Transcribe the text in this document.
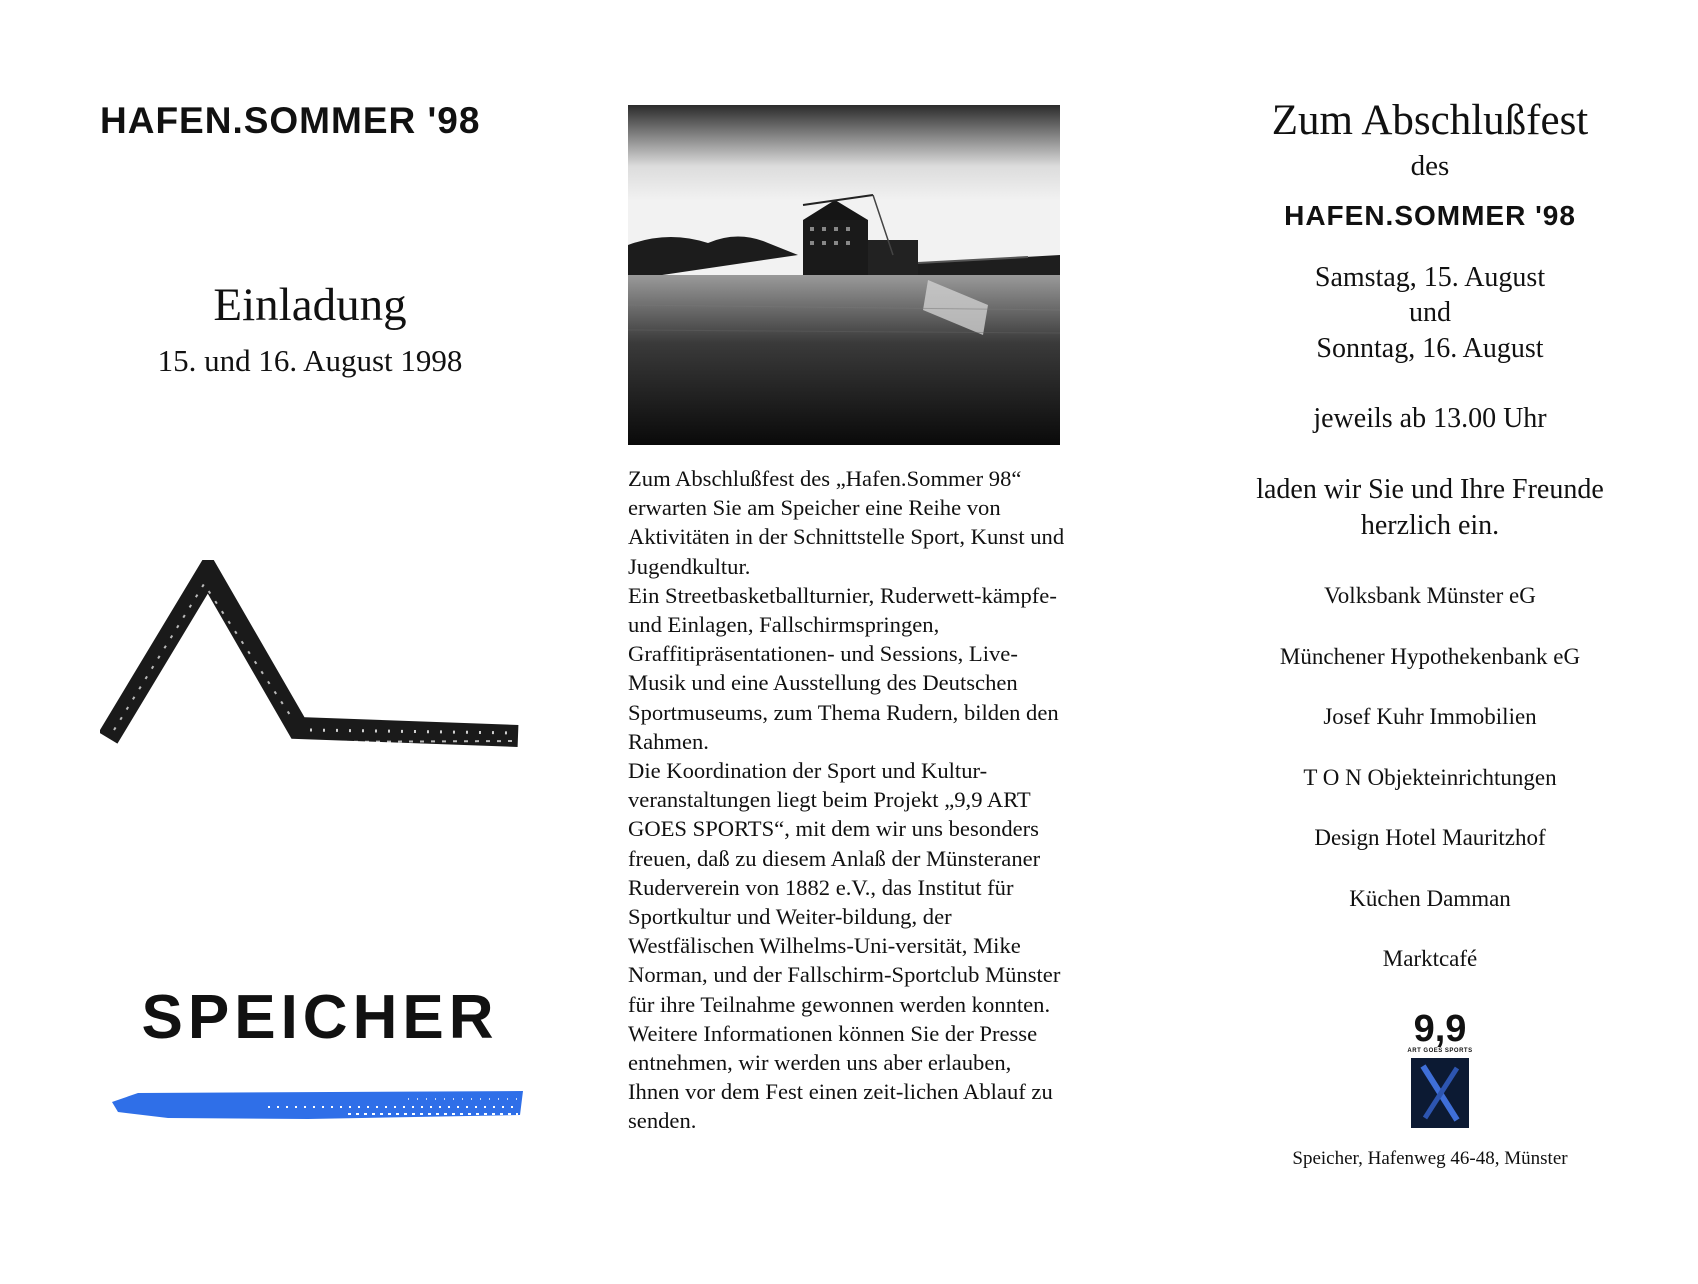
HAFEN.SOMMER '98
Einladung
15. und 16. August 1998
SPEICHER

Zum Abschlußfest des „Hafen.Sommer 98“ erwarten Sie am Speicher eine Reihe von Aktivitäten in der Schnittstelle Sport, Kunst und Jugendkultur.

Ein Streetbasketballturnier, Ruderwett-kämpfe- und Einlagen, Fallschirmspringen, Graffitipräsentationen- und Sessions, Live-Musik und eine Ausstellung des Deutschen Sportmuseums, zum Thema Rudern, bilden den Rahmen.

Die Koordination der Sport und Kultur-veranstaltungen liegt beim Projekt „9,9 ART GOES SPORTS“, mit dem wir uns besonders freuen, daß zu diesem Anlaß der Münsteraner Ruderverein von 1882 e.V., das Institut für Sportkultur und Weiter-bildung, der Westfälischen Wilhelms-Uni-versität, Mike Norman, und der Fallschirm-Sportclub Münster für ihre Teilnahme gewonnen werden konnten.

Weitere Informationen können Sie der Presse entnehmen, wir werden uns aber erlauben, Ihnen vor dem Fest einen zeit-lichen Ablauf zu senden.

Zum Abschlußfest
des
HAFEN.SOMMER '98
Samstag, 15. August
und
Sonntag, 16. August
jeweils ab 13.00 Uhr
laden wir Sie und Ihre Freunde herzlich ein.
Volksbank Münster eG
Münchener Hypothekenbank eG
Josef Kuhr Immobilien
T O N Objekteinrichtungen
Design Hotel Mauritzhof
Küchen Damman
Marktcafé
9,9
ART GOES SPORTS
Speicher, Hafenweg 46-48, Münster
